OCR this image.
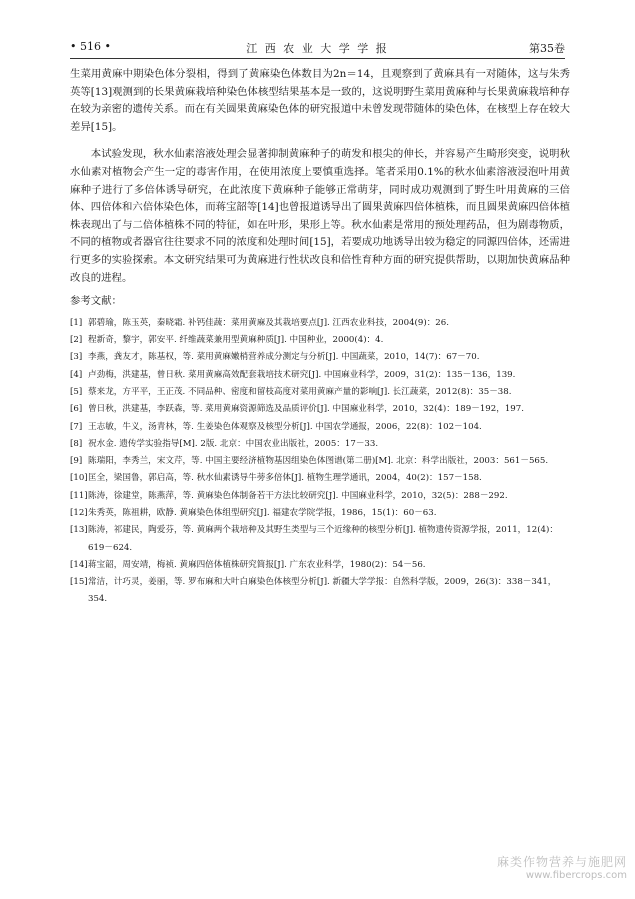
• 516 •	江 西 农 业 大 学 学 报	第35卷

生菜用黄麻中期染色体分裂相，得到了黄麻染色体数目为2n＝14，且观察到了黄麻具有一对随体，这与朱秀英等[13]观测到的长果黄麻栽培种染色体核型结果基本是一致的，这说明野生菜用黄麻种与长果黄麻栽培种存在较为亲密的遗传关系。而在有关圆果黄麻染色体的研究报道中未曾发现带随体的染色体，在核型上存在较大差异[15]。

本试验发现，秋水仙素溶液处理会显著抑制黄麻种子的萌发和根尖的伸长，并容易产生畸形突变，说明秋水仙素对植物会产生一定的毒害作用，在使用浓度上要慎重选择。笔者采用0.1%的秋水仙素溶液浸泡叶用黄麻种子进行了多倍体诱导研究，在此浓度下黄麻种子能够正常萌芽，同时成功观测到了野生叶用黄麻的三倍体、四倍体和六倍体染色体，而蒋宝韶等[14]也曾报道诱导出了圆果黄麻四倍体植株，而且圆果黄麻四倍体植株表现出了与二倍体植株不同的特征，如在叶形，果形上等。秋水仙素是常用的预处理药品，但为剧毒物质，不同的植物或者器官往往要求不同的浓度和处理时间[15]，若要成功地诱导出较为稳定的同源四倍体，还需进行更多的实验探索。本文研究结果可为黄麻进行性状改良和倍性育种方面的研究提供帮助，以期加快黄麻品种改良的进程。

参考文献：
[1] 郭碧瑜，陈玉英，秦晓霜. 补钙佳蔬：菜用黄麻及其栽培要点[J]. 江西农业科技，2004(9)：26.
[2] 程新奇，黎宇，郭安平. 纤维蔬菜兼用型黄麻种质[J]. 中国种业，2000(4)：4.
[3] 李燕，龚友才，陈基权，等. 菜用黄麻嫩梢营养成分测定与分析[J]. 中国蔬菜，2010，14(7)：67－70.
[4] 卢劲梅，洪建基，曾日秋. 菜用黄麻高效配套栽培技术研究[J]. 中国麻业科学，2009，31(2)：135－136，139.
[5] 蔡来龙，方平平，王正茂. 不同品种、密度和留枝高度对菜用黄麻产量的影响[J]. 长江蔬菜，2012(8)：35－38.
[6] 曾日秋，洪建基，李跃森，等. 菜用黄麻资源筛选及品质评价[J]. 中国麻业科学，2010，32(4)：189－192，197.
[7] 王志敏，牛义，汤青林，等. 生姜染色体观察及核型分析[J]. 中国农学通报，2006，22(8)：102－104.
[8] 祝水金. 遗传学实验指导[M]. 2版. 北京：中国农业出版社，2005：17－33.
[9] 陈瑞阳，李秀兰，宋文芹，等. 中国主要经济植物基因组染色体图谱(第二册)[M]. 北京：科学出版社，2003：561－565.
[10] 匡全，梁国鲁，郭启高，等. 秋水仙素诱导牛蒡多倍体[J]. 植物生理学通讯，2004，40(2)：157－158.
[11] 陈涛，徐建堂，陈燕萍，等. 黄麻染色体制备若干方法比较研究[J]. 中国麻业科学，2010，32(5)：288－292.
[12] 朱秀英，陈祖耕，欧静. 黄麻染色体组型研究[J]. 福建农学院学报，1986，15(1)：60－63.
[13] 陈涛，祁建民，陶爱芬，等. 黄麻两个栽培种及其野生类型与三个近缘种的核型分析[J]. 植物遗传资源学报，2011，12(4)：619－624.
[14] 蒋宝韶，周安靖，梅祯. 黄麻四倍体植株研究简报[J]. 广东农业科学，1980(2)：54－56.
[15] 常洁，计巧灵，姜丽，等. 罗布麻和大叶白麻染色体核型分析[J]. 新疆大学学报：自然科学版，2009，26(3)：338－341，354.
麻类作物营养与施肥网
www.fibercrops.com
